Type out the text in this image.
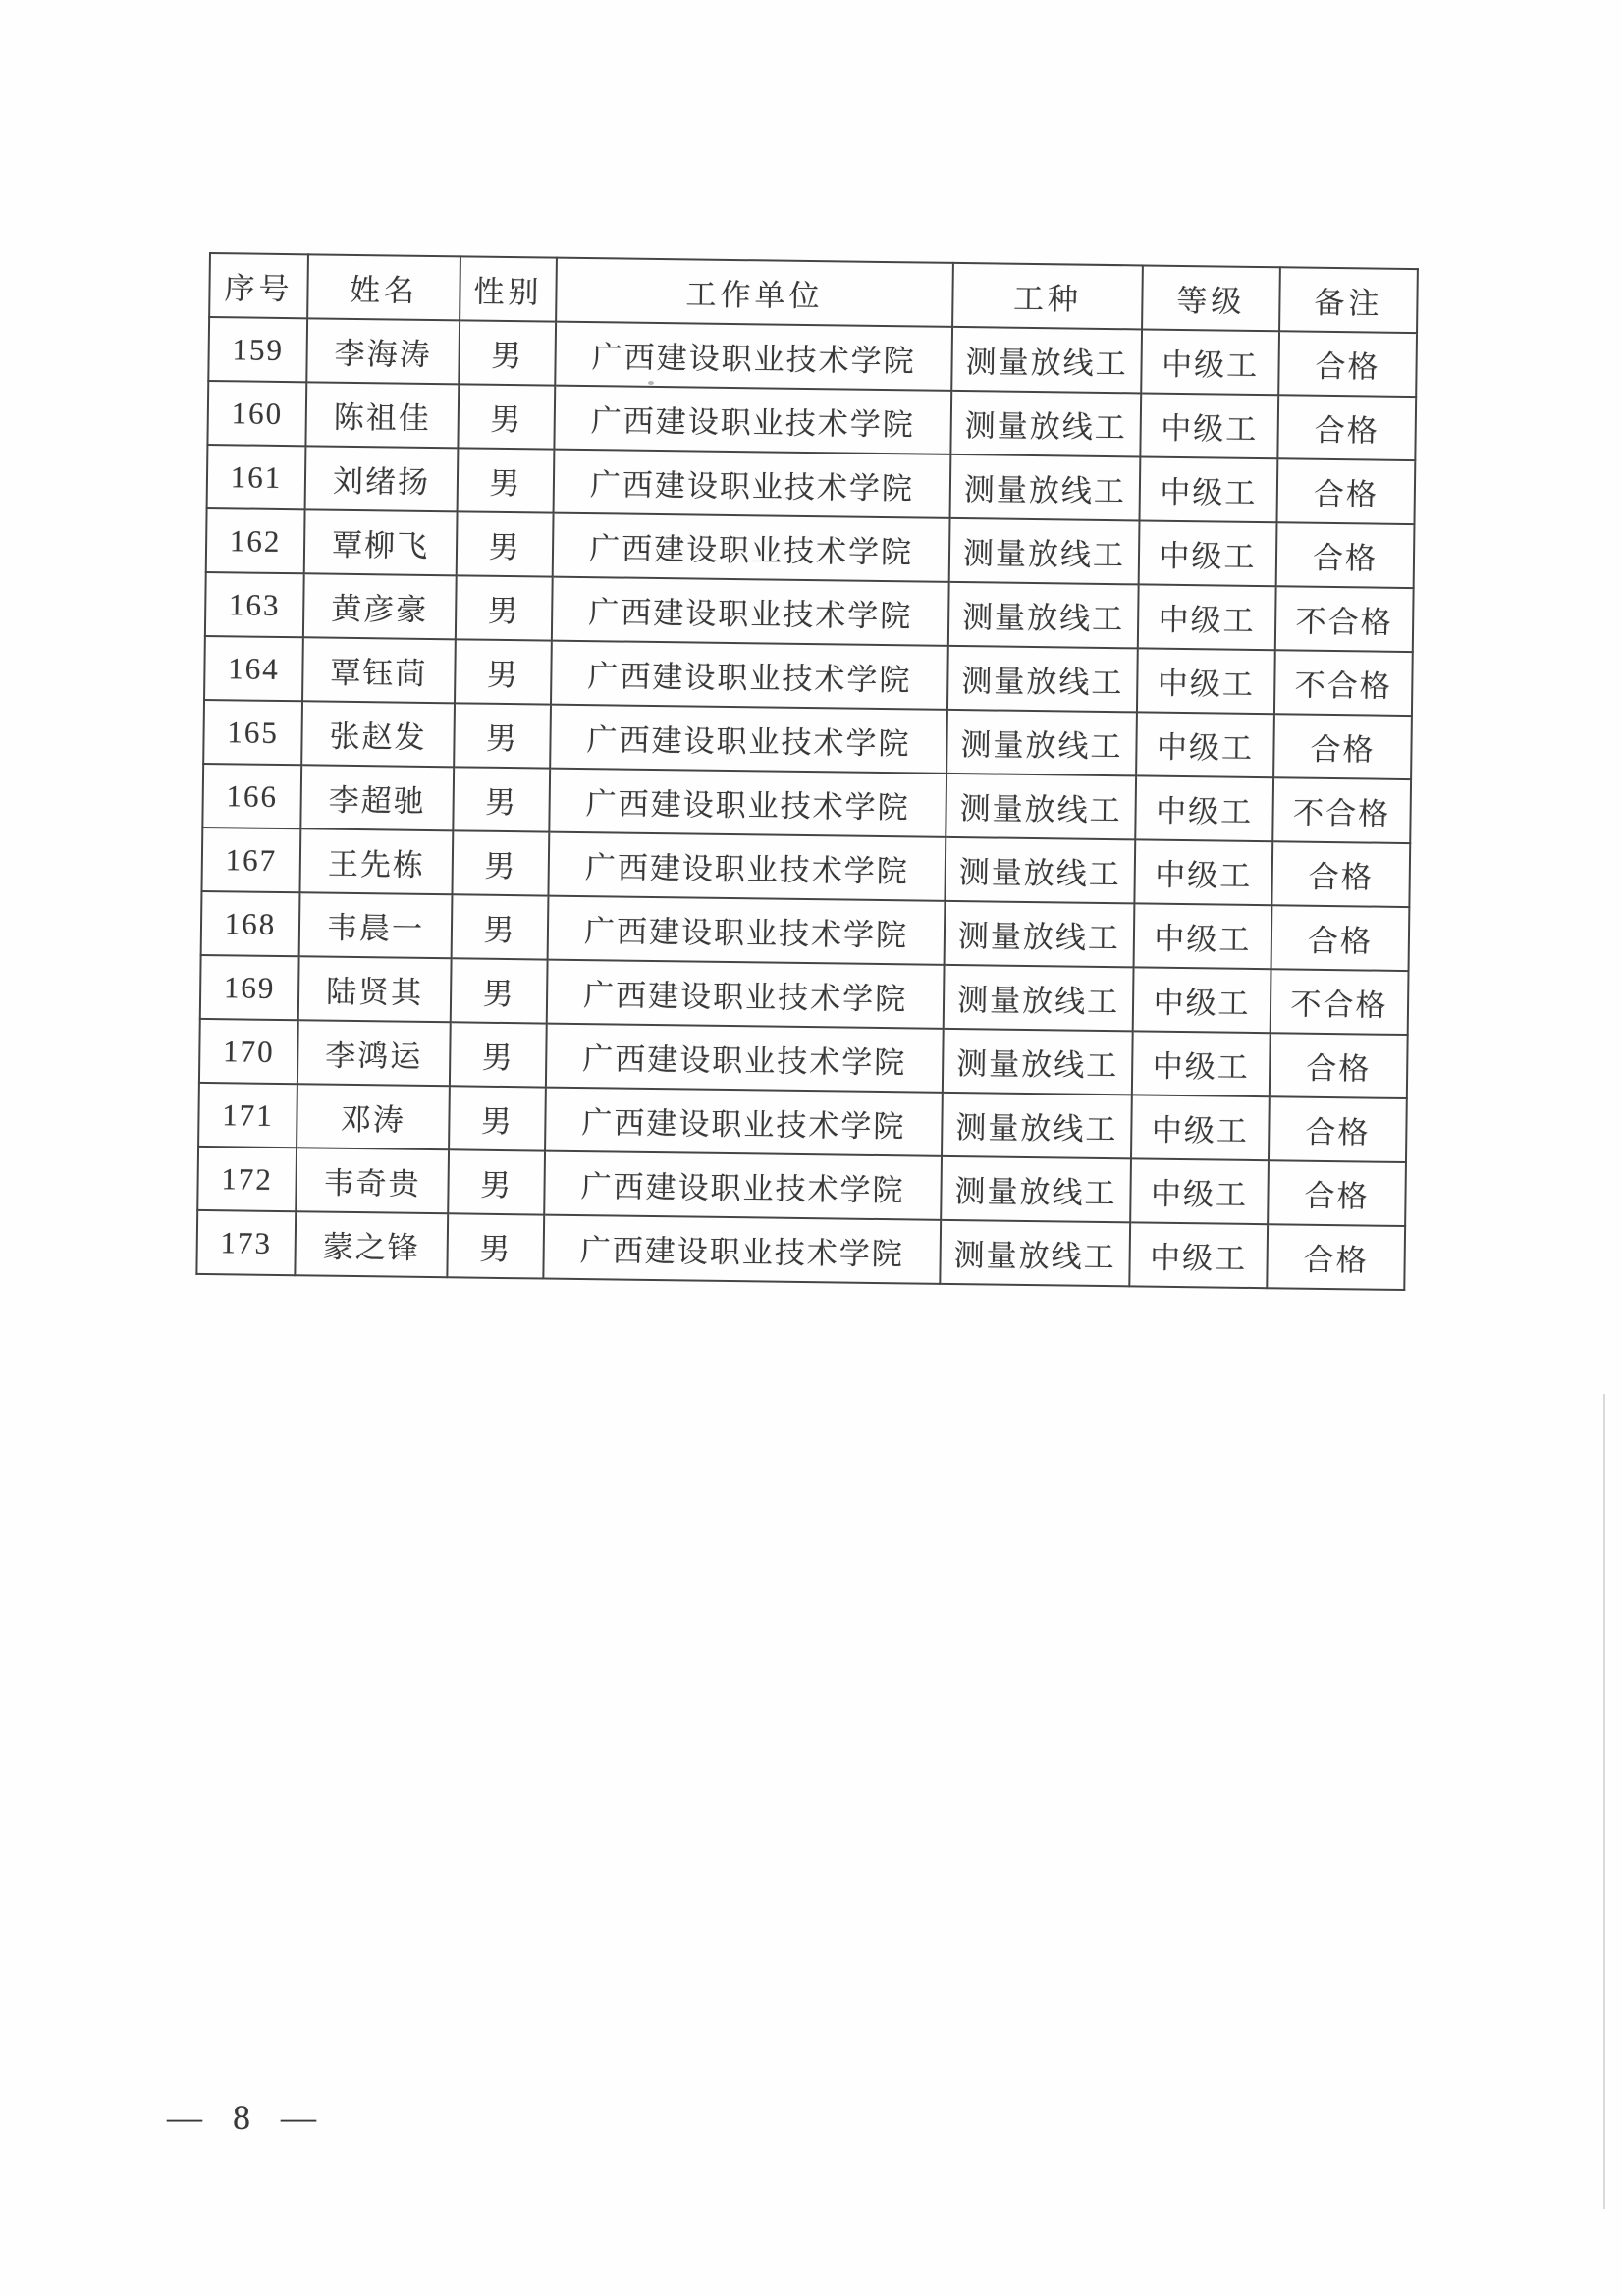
序号	姓名	性别	工作单位	工种	等级	备注
159	李海涛	男	广西建设职业技术学院	测量放线工	中级工	合格
160	陈祖佳	男	广西建设职业技术学院	测量放线工	中级工	合格
161	刘绪扬	男	广西建设职业技术学院	测量放线工	中级工	合格
162	覃柳飞	男	广西建设职业技术学院	测量放线工	中级工	合格
163	黄彦豪	男	广西建设职业技术学院	测量放线工	中级工	不合格
164	覃钰茼	男	广西建设职业技术学院	测量放线工	中级工	不合格
165	张赵发	男	广西建设职业技术学院	测量放线工	中级工	合格
166	李超驰	男	广西建设职业技术学院	测量放线工	中级工	不合格
167	王先栋	男	广西建设职业技术学院	测量放线工	中级工	合格
168	韦晨一	男	广西建设职业技术学院	测量放线工	中级工	合格
169	陆贤其	男	广西建设职业技术学院	测量放线工	中级工	不合格
170	李鸿运	男	广西建设职业技术学院	测量放线工	中级工	合格
171	邓涛	男	广西建设职业技术学院	测量放线工	中级工	合格
172	韦奇贵	男	广西建设职业技术学院	测量放线工	中级工	合格
173	蒙之锋	男	广西建设职业技术学院	测量放线工	中级工	合格
— 8 —
